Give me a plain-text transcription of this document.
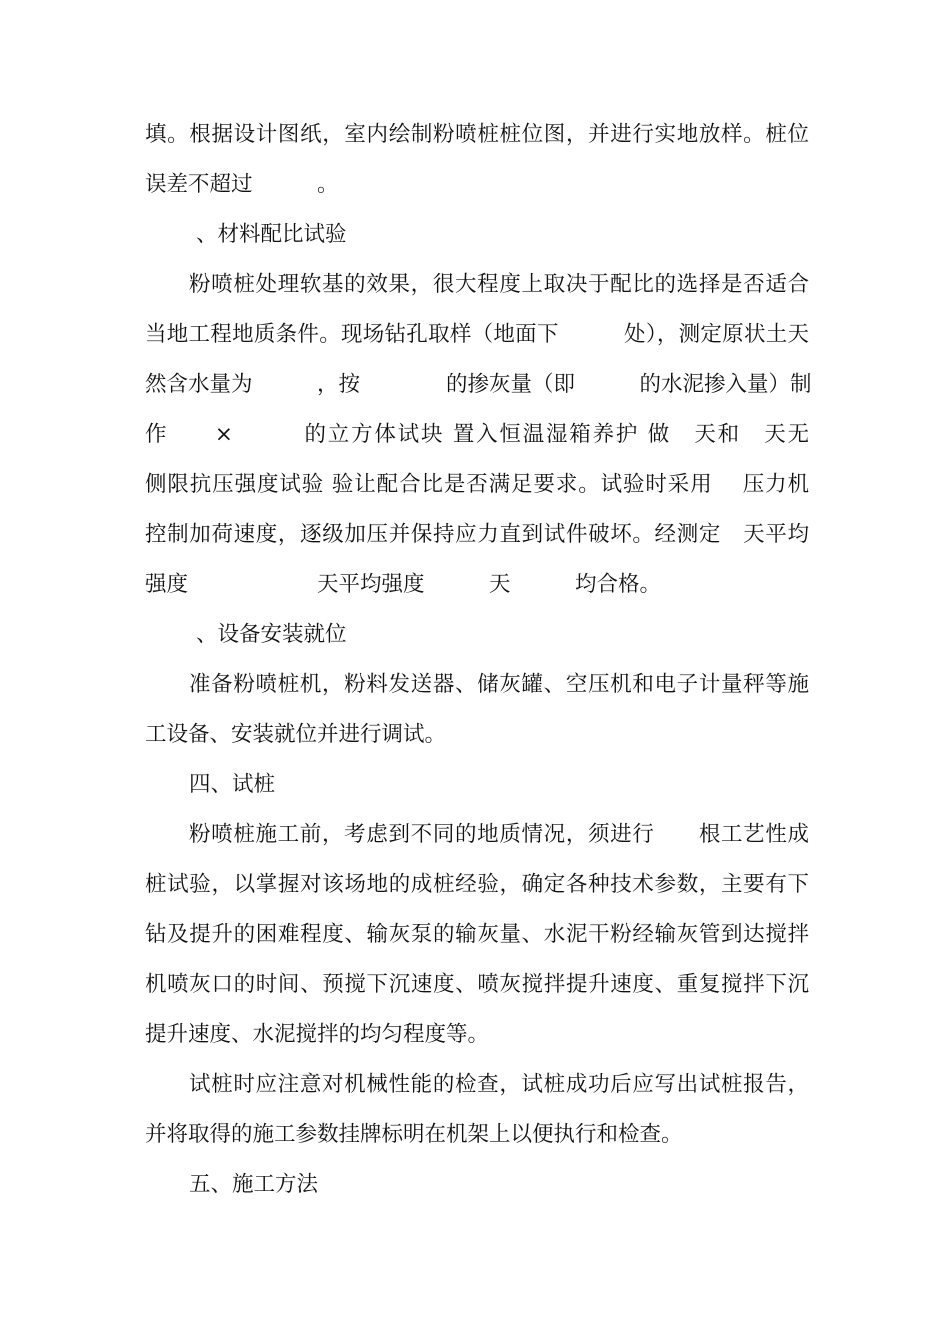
填。根据设计图纸，室内绘制粉喷桩桩位图，并进行实地放样。桩位

误差不超过　　　。

、材料配比试验

粉喷桩处理软基的效果，很大程度上取决于配比的选择是否适合

当地工程地质条件。现场钻孔取样（地面下　　　处），测定原状土天

然含水量为　　　，按　　　　的掺灰量（即　　　的水泥掺入量）制

作　　×　　　的立方体试块 置入恒温湿箱养护 做　天和　天无

侧限抗压强度试验 验让配合比是否满足要求。试验时采用　 压力机

控制加荷速度，逐级加压并保持应力直到试件破坏。经测定　天平均

强度　　　　　　天平均强度　　　天　　　均合格。

、设备安装就位

准备粉喷桩机，粉料发送器、储灰罐、空压机和电子计量秤等施

工设备、安装就位并进行调试。

四、试桩

粉喷桩施工前，考虑到不同的地质情况，须进行　　根工艺性成

桩试验，以掌握对该场地的成桩经验，确定各种技术参数，主要有下

钻及提升的困难程度、输灰泵的输灰量、水泥干粉经输灰管到达搅拌

机喷灰口的时间、预搅下沉速度、喷灰搅拌提升速度、重复搅拌下沉

提升速度、水泥搅拌的均匀程度等。

试桩时应注意对机械性能的检查，试桩成功后应写出试桩报告，

并将取得的施工参数挂牌标明在机架上以便执行和检查。

五、施工方法
